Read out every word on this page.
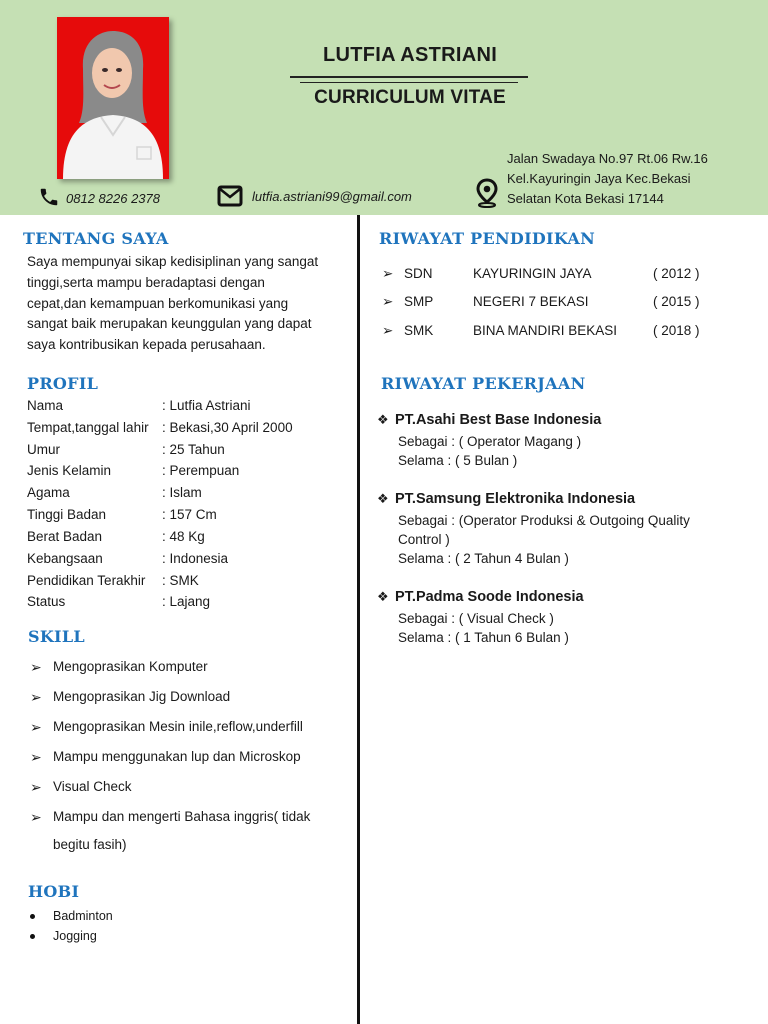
LUTFIA ASTRIANI
CURRICULUM VITAE
Jalan Swadaya No.97 Rt.06 Rw.16
Kel.Kayuringin Jaya Kec.Bekasi
Selatan Kota Bekasi 17144
0812 8226 2378	lutfia.astriani99@gmail.com
TENTANG SAYA
Saya mempunyai sikap kedisiplinan yang sangat
tinggi,serta mampu beradaptasi dengan
cepat,dan kemampuan berkomunikasi yang
sangat baik merupakan keunggulan yang dapat
saya kontribusikan kepada perusahaan.
PROFIL
Nama	: Lutfia Astriani
Tempat,tanggal lahir : Bekasi,30 April 2000
Umur	: 25 Tahun
Jenis Kelamin	: Perempuan
Agama	: Islam
Tinggi Badan	: 157 Cm
Berat Badan	: 48 Kg
Kebangsaan	: Indonesia
Pendidikan Terakhir : SMK
Status	: Lajang
SKILL
➢ Mengoprasikan Komputer
➢ Mengoprasikan Jig Download
➢ Mengoprasikan Mesin inile,reflow,underfill
➢ Mampu menggunakan lup dan Microskop
➢ Visual Check
➢ Mampu dan mengerti Bahasa inggris( tidak
begitu fasih)
HOBI
Badminton
Jogging
RIWAYAT PENDIDIKAN
➢ SDN	KAYURINGIN JAYA	( 2012 )
➢ SMP	NEGERI 7 BEKASI	( 2015 )
➢ SMK	BINA MANDIRI BEKASI	( 2018 )
RIWAYAT PEKERJAAN
❖ PT.Asahi Best Base Indonesia
Sebagai : ( Operator Magang )
Selama : ( 5 Bulan )
❖ PT.Samsung Elektronika Indonesia
Sebagai : (Operator Produksi & Outgoing Quality
Control )
Selama : ( 2 Tahun 4 Bulan )
❖ PT.Padma Soode Indonesia
Sebagai : ( Visual Check )
Selama : ( 1 Tahun 6 Bulan )
